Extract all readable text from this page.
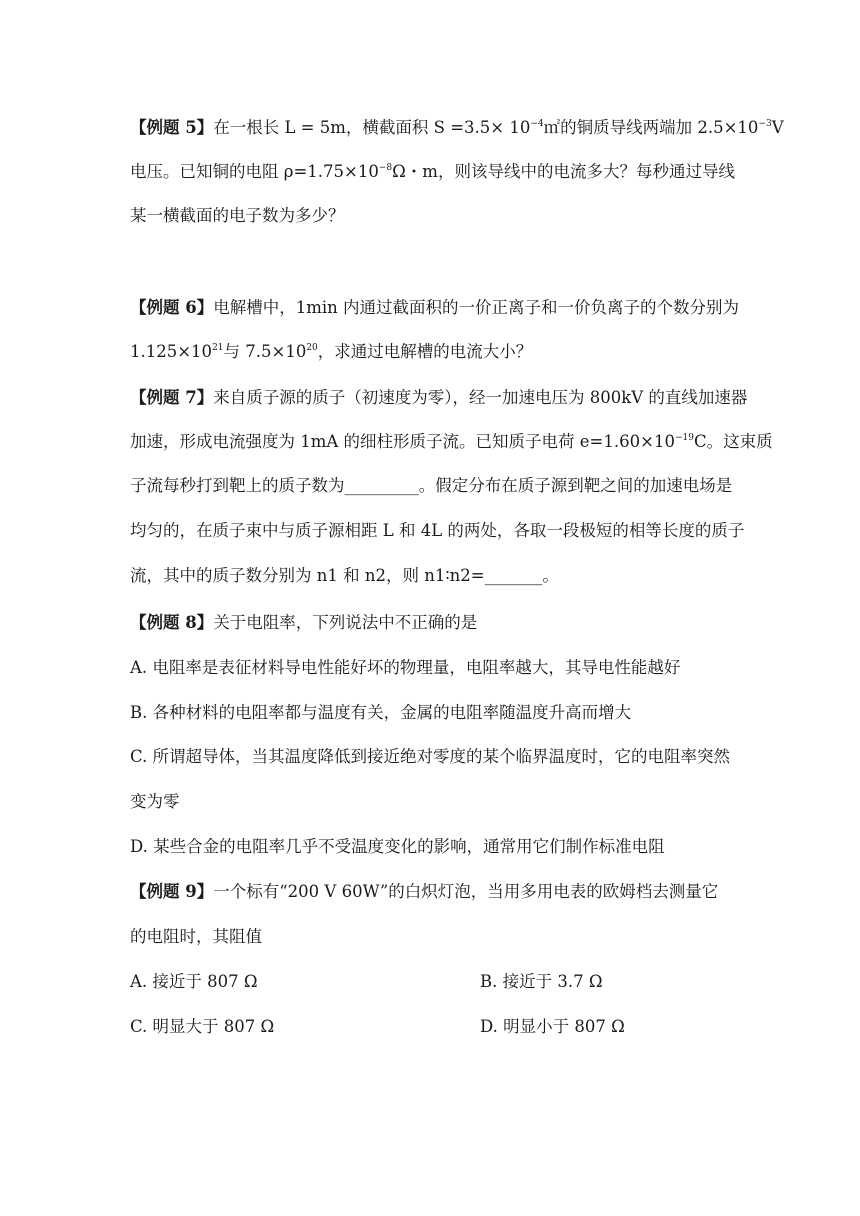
【例题 5】在一根长 L = 5m，横截面积 $S =3.5\times 10^{-4}㎡$的铜质导线两端加 $2.5\times 10^{-3}V$
电压。已知铜的电阻 $\rho=1.75\times 10^{-8}\Omega$・m，则该导线中的电流多大？每秒通过导线
某一横截面的电子数为多少？
【例题 6】电解槽中，1min 内通过截面积的一价正离子和一价负离子的个数分别为
$1.125\times 10^{21}$与 $7.5\times 10^{20}$，求通过电解槽的电流大小？
【例题 7】来自质子源的质子（初速度为零），经一加速电压为 800kV 的直线加速器
加速，形成电流强度为 1mA 的细柱形质子流。已知质子电荷 $e=1.60\times 10^{-19}C$。这束质
子流每秒打到靶上的质子数为_________。假定分布在质子源到靶之间的加速电场是
均匀的，在质子束中与质子源相距 L 和 4L 的两处，各取一段极短的相等长度的质子
流，其中的质子数分别为 n1 和 n2，则 n1∶n2=_______。
【例题 8】关于电阻率，下列说法中不正确的是
A. 电阻率是表征材料导电性能好坏的物理量，电阻率越大，其导电性能越好
B. 各种材料的电阻率都与温度有关，金属的电阻率随温度升高而增大
C. 所谓超导体，当其温度降低到接近绝对零度的某个临界温度时，它的电阻率突然
变为零
D. 某些合金的电阻率几乎不受温度变化的影响，通常用它们制作标准电阻
【例题 9】一个标有“200 V 60W”的白炽灯泡，当用多用电表的欧姆档去测量它
的电阻时，其阻值
A. 接近于 807 Ω	B. 接近于 3.7 Ω
C. 明显大于 807 Ω	D. 明显小于 807 Ω
